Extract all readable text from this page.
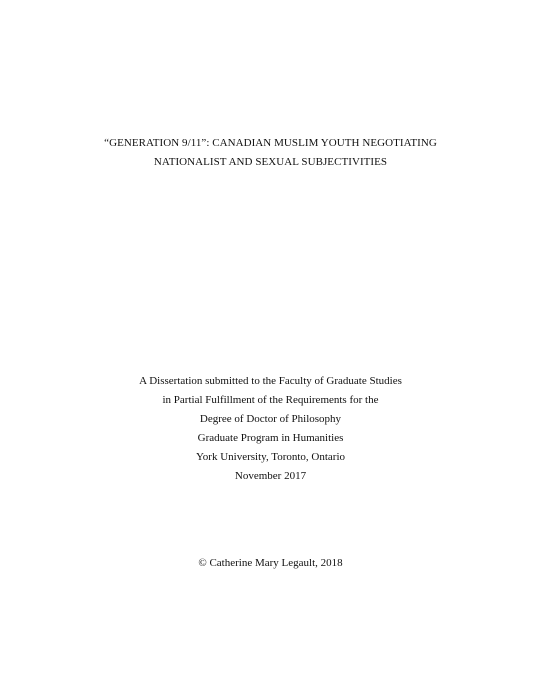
“GENERATION 9/11”: CANADIAN MUSLIM YOUTH NEGOTIATING
NATIONALIST AND SEXUAL SUBJECTIVITIES
A Dissertation submitted to the Faculty of Graduate Studies
in Partial Fulfillment of the Requirements for the
Degree of Doctor of Philosophy
Graduate Program in Humanities
York University, Toronto, Ontario
November 2017
© Catherine Mary Legault, 2018
